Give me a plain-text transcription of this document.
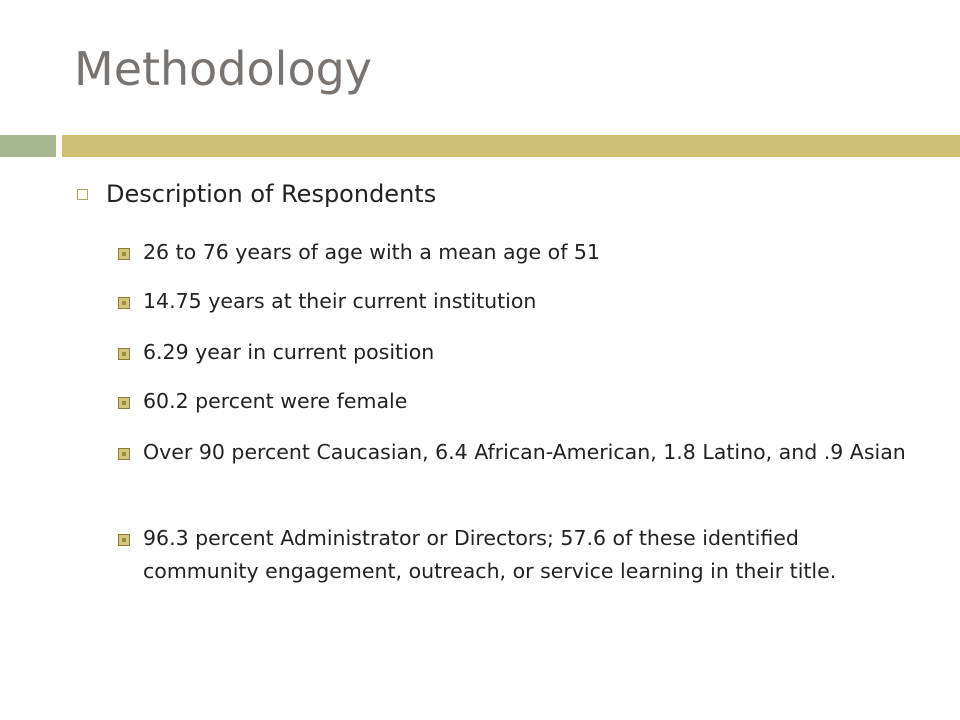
Methodology
Description of Respondents
26 to 76 years of age with a mean age of 51
14.75 years at their current institution
6.29 year in current position
60.2 percent were female
Over 90 percent Caucasian, 6.4 African-American, 1.8 Latino, and .9 Asian
96.3 percent Administrator or Directors; 57.6 of these identified community engagement, outreach, or service learning in their title.
